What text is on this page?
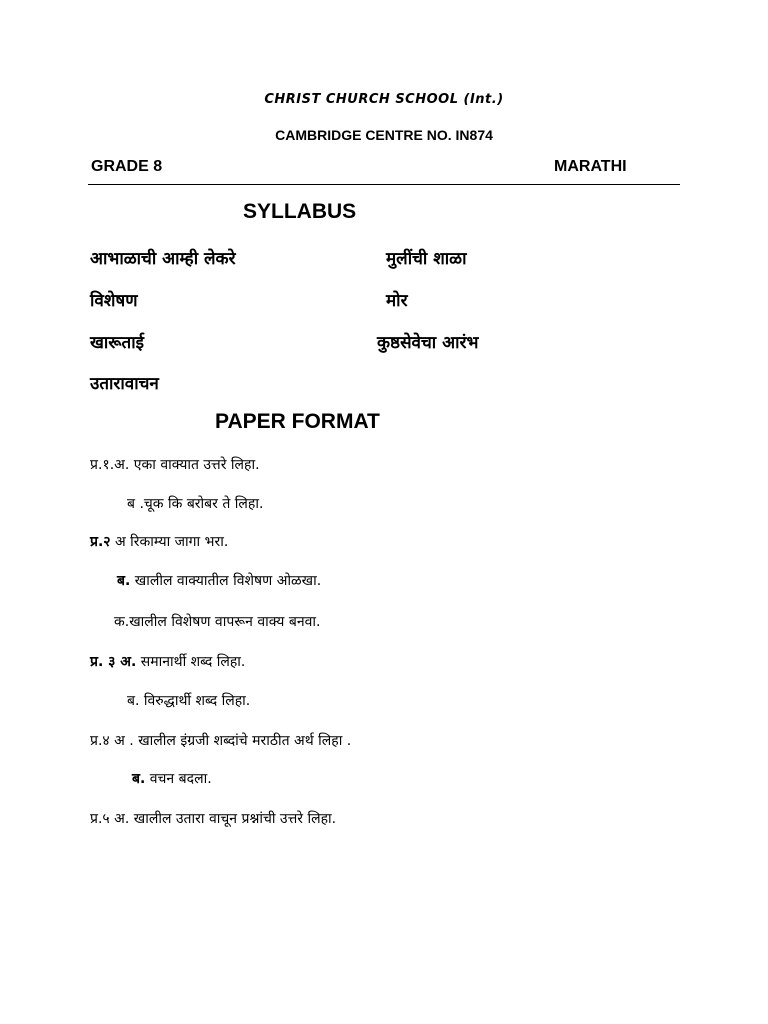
CHRIST CHURCH SCHOOL (Int.)
CAMBRIDGE CENTRE NO. IN874
GRADE 8	MARATHI
SYLLABUS
आभाळाची आम्ही लेकरे	मुलींची शाळा
विशेषण	मोर
खारूताई	कुष्ठसेवेचा आरंभ
उतारावाचन
PAPER FORMAT
प्र.१.अ. एका वाक्यात उत्तरे लिहा.
ब .चूक कि बरोबर ते लिहा.
प्र.२ अ रिकाम्या जागा भरा.
ब. खालील वाक्यातील विशेषण ओळखा.
क.खालील विशेषण वापरून वाक्य बनवा.
प्र. ३ अ. समानार्थी शब्द लिहा.
ब. विरुद्धार्थी शब्द लिहा.
प्र.४ अ . खालील इंग्रजी शब्दांचे मराठीत अर्थ लिहा .
ब. वचन बदला.
प्र.५ अ. खालील उतारा वाचून प्रश्नांची उत्तरे लिहा.
